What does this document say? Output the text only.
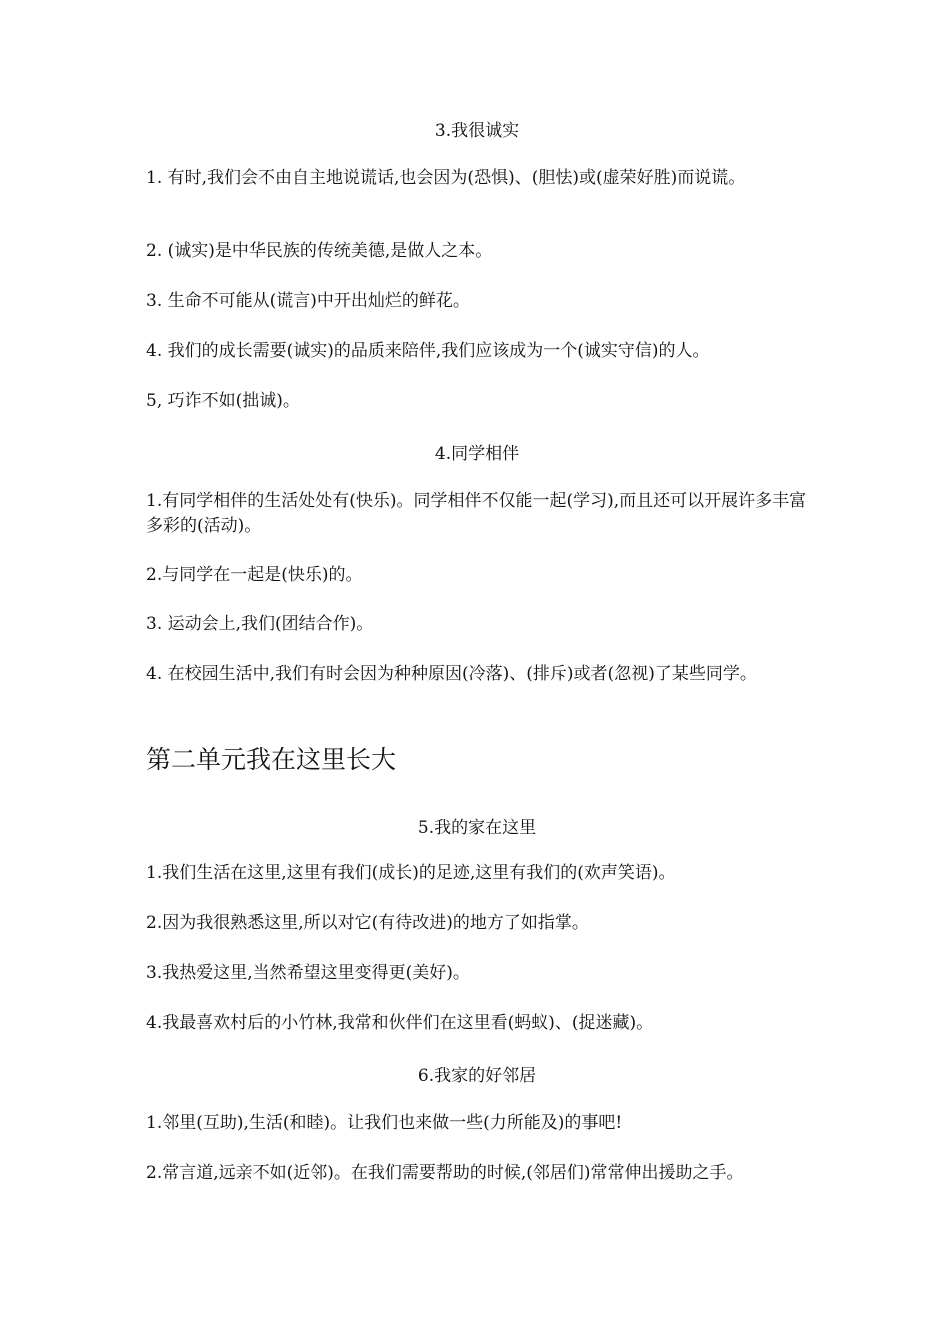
3.我很诚实

1. 有时,我们会不由自主地说谎话,也会因为(恐惧)、(胆怯)或(虚荣好胜)而说谎。

2. (诚实)是中华民族的传统美德,是做人之本。

3. 生命不可能从(谎言)中开出灿烂的鲜花。

4. 我们的成长需要(诚实)的品质来陪伴,我们应该成为一个(诚实守信)的人。

5, 巧诈不如(拙诚)。

4.同学相伴

1.有同学相伴的生活处处有(快乐)。同学相伴不仅能一起(学习),而且还可以开展许多丰富多彩的(活动)。

2.与同学在一起是(快乐)的。

3. 运动会上,我们(团结合作)。

4. 在校园生活中,我们有时会因为种种原因(冷落)、(排斥)或者(忽视)了某些同学。

第二单元我在这里长大

5.我的家在这里

1.我们生活在这里,这里有我们(成长)的足迹,这里有我们的(欢声笑语)。

2.因为我很熟悉这里,所以对它(有待改进)的地方了如指掌。

3.我热爱这里,当然希望这里变得更(美好)。

4.我最喜欢村后的小竹林,我常和伙伴们在这里看(蚂蚁)、(捉迷藏)。

6.我家的好邻居

1.邻里(互助),生活(和睦)。让我们也来做一些(力所能及)的事吧!

2.常言道,远亲不如(近邻)。在我们需要帮助的时候,(邻居们)常常伸出援助之手。
